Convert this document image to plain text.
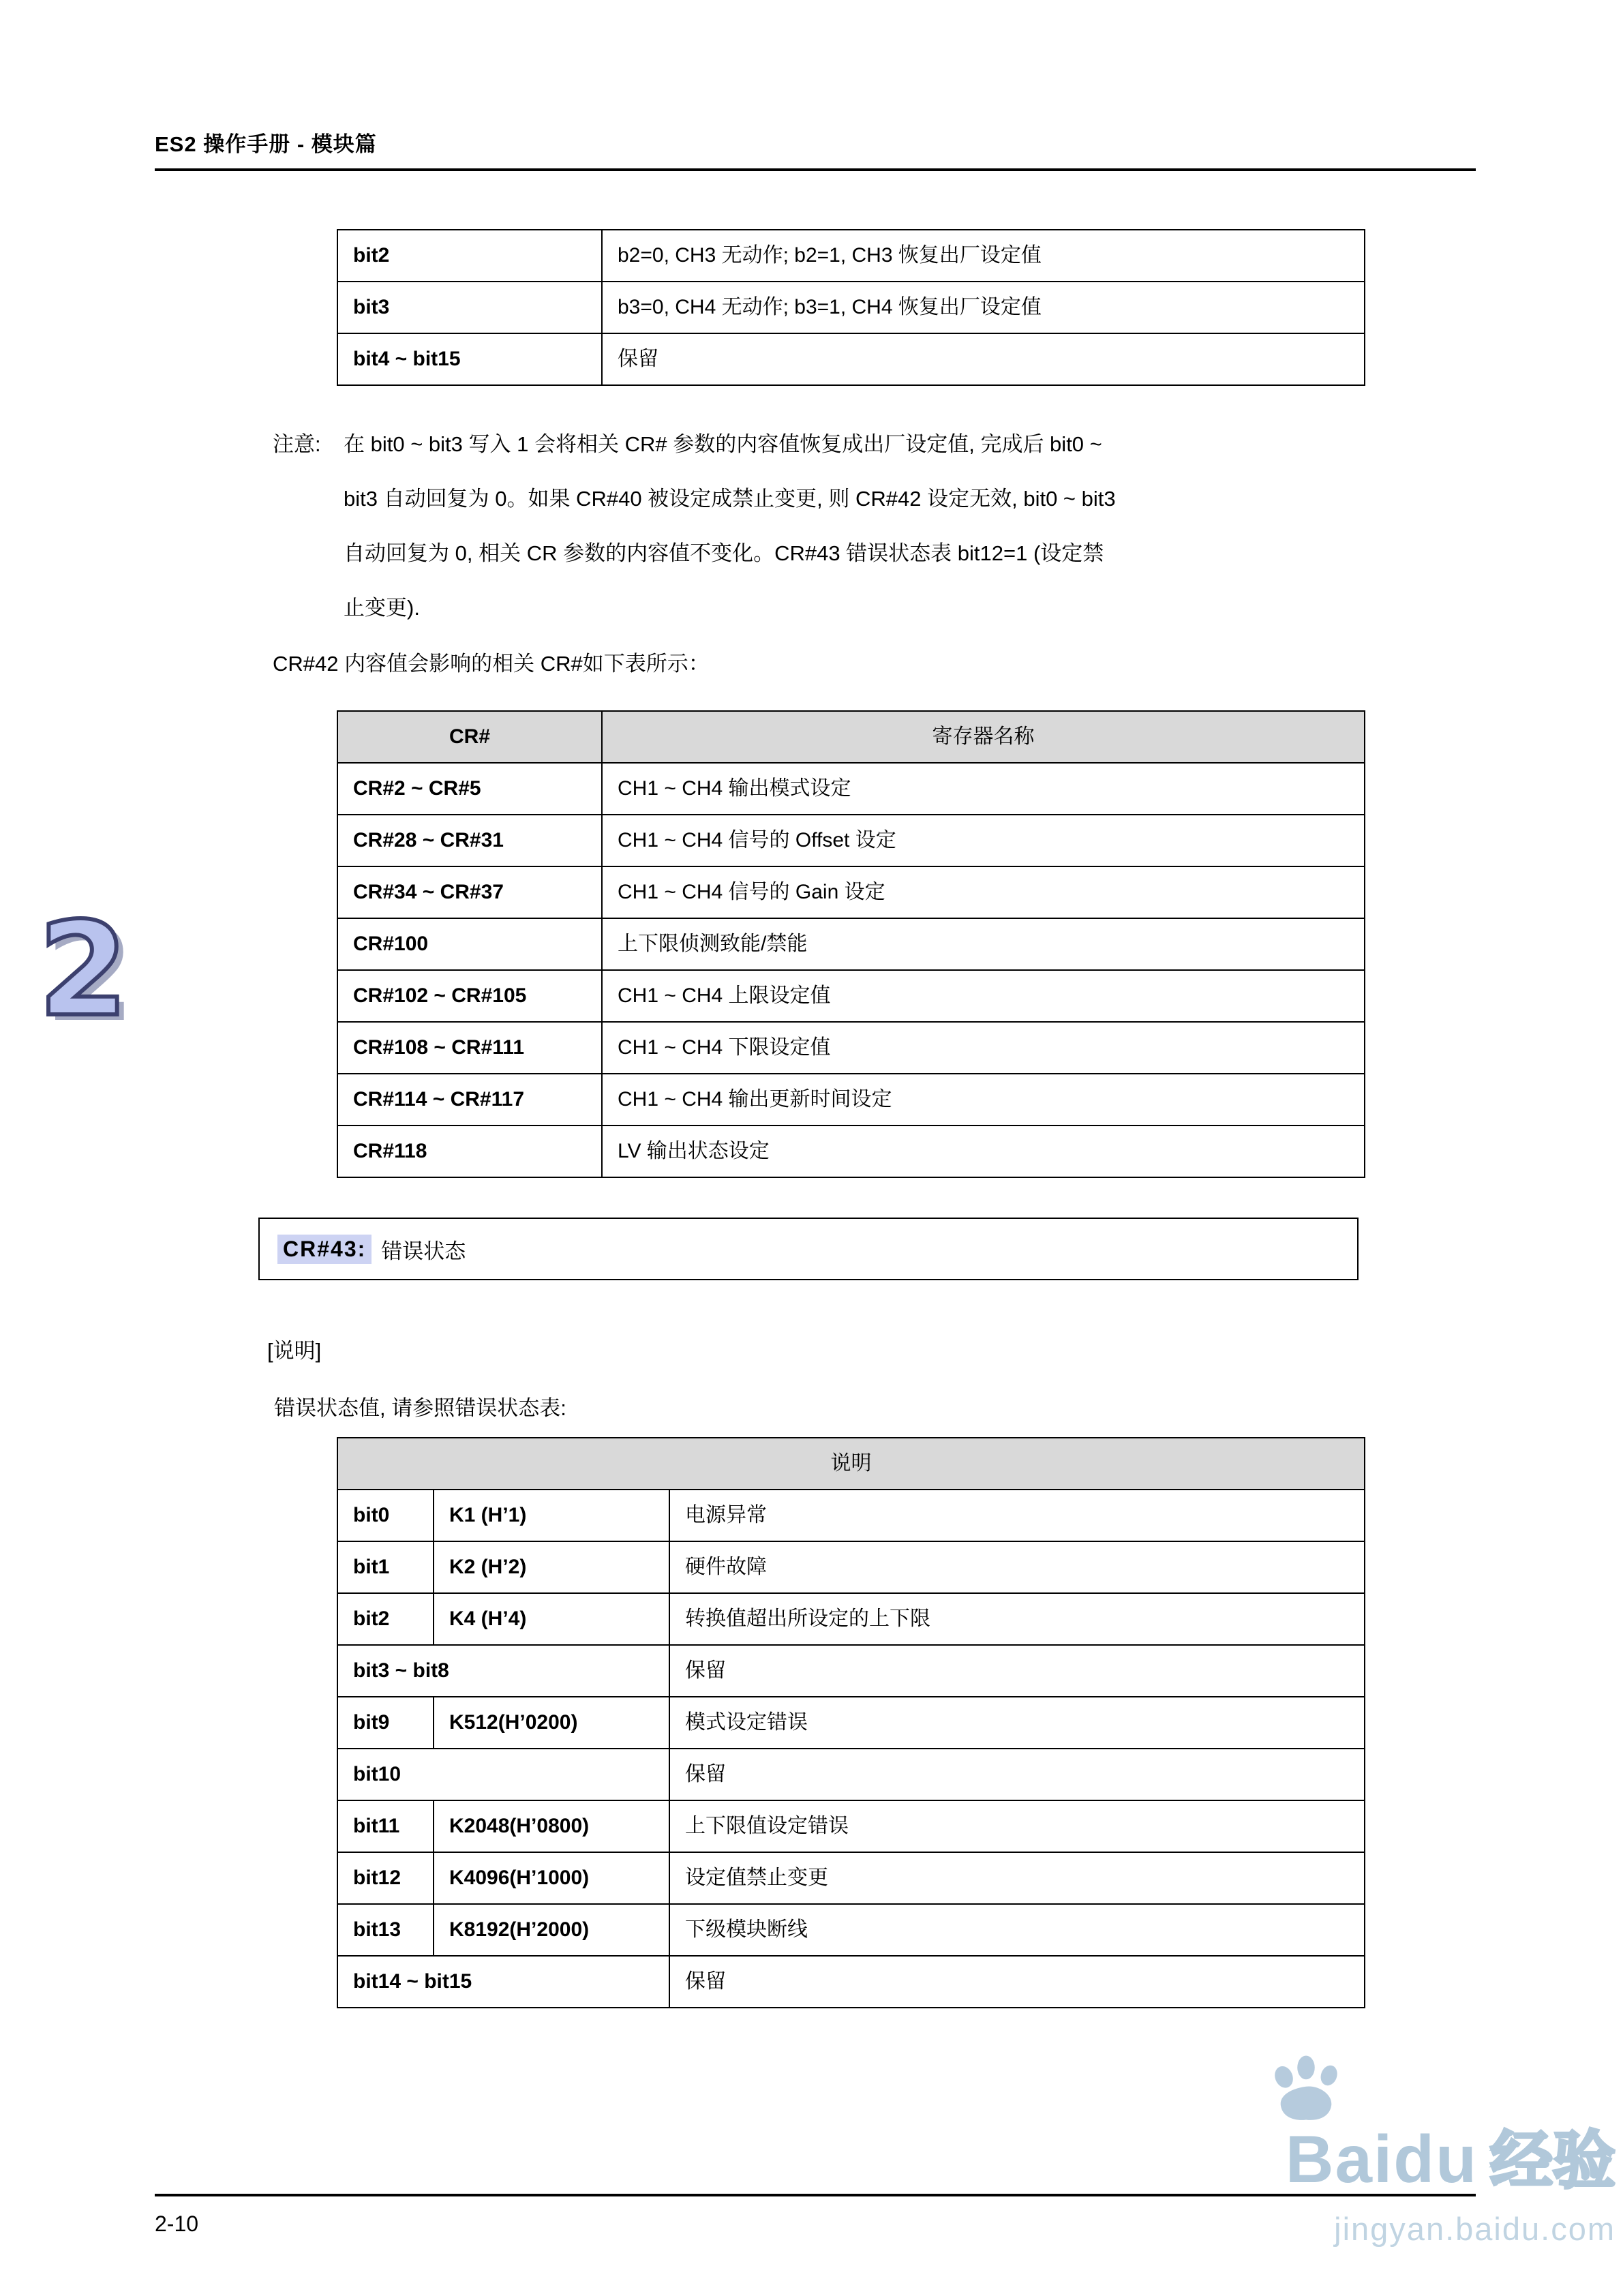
ES2 操作手册 - 模块篇
2
bit2	b2=0, CH3 无动作; b2=1, CH3 恢复出厂设定值
bit3	b3=0, CH4 无动作; b3=1, CH4 恢复出厂设定值
bit4 ~ bit15	保留
注意:	在 bit0 ~ bit3 写入 1 会将相关 CR# 参数的内容值恢复成出厂设定值, 完成后 bit0 ~
bit3 自动回复为 0。如果 CR#40 被设定成禁止变更, 则 CR#42 设定无效, bit0 ~ bit3
自动回复为 0, 相关 CR 参数的内容值不变化。CR#43 错误状态表 bit12=1 (设定禁
止变更).
CR#42 内容值会影响的相关 CR#如下表所示：
CR#	寄存器名称
CR#2 ~ CR#5	CH1 ~ CH4 输出模式设定
CR#28 ~ CR#31	CH1 ~ CH4 信号的 Offset 设定
CR#34 ~ CR#37	CH1 ~ CH4 信号的 Gain 设定
CR#100	上下限侦测致能/禁能
CR#102 ~ CR#105	CH1 ~ CH4 上限设定值
CR#108 ~ CR#111	CH1 ~ CH4 下限设定值
CR#114 ~ CR#117	CH1 ~ CH4 输出更新时间设定
CR#118	LV 输出状态设定
CR#43: 错误状态
[说明]
错误状态值, 请参照错误状态表:
说明		
bit0	K1 (H’1)	电源异常
bit1	K2 (H’2)	硬件故障
bit2	K4 (H’4)	转换值超出所设定的上下限
bit3 ~ bit8		保留
bit9	K512(H’0200)	模式设定错误
bit10		保留
bit11	K2048(H’0800)	上下限值设定错误
bit12	K4096(H’1000)	设定值禁止变更
bit13	K8192(H’2000)	下级模块断线
bit14 ~ bit15		保留
2-10
Baidu 经验
jingyan.baidu.com
